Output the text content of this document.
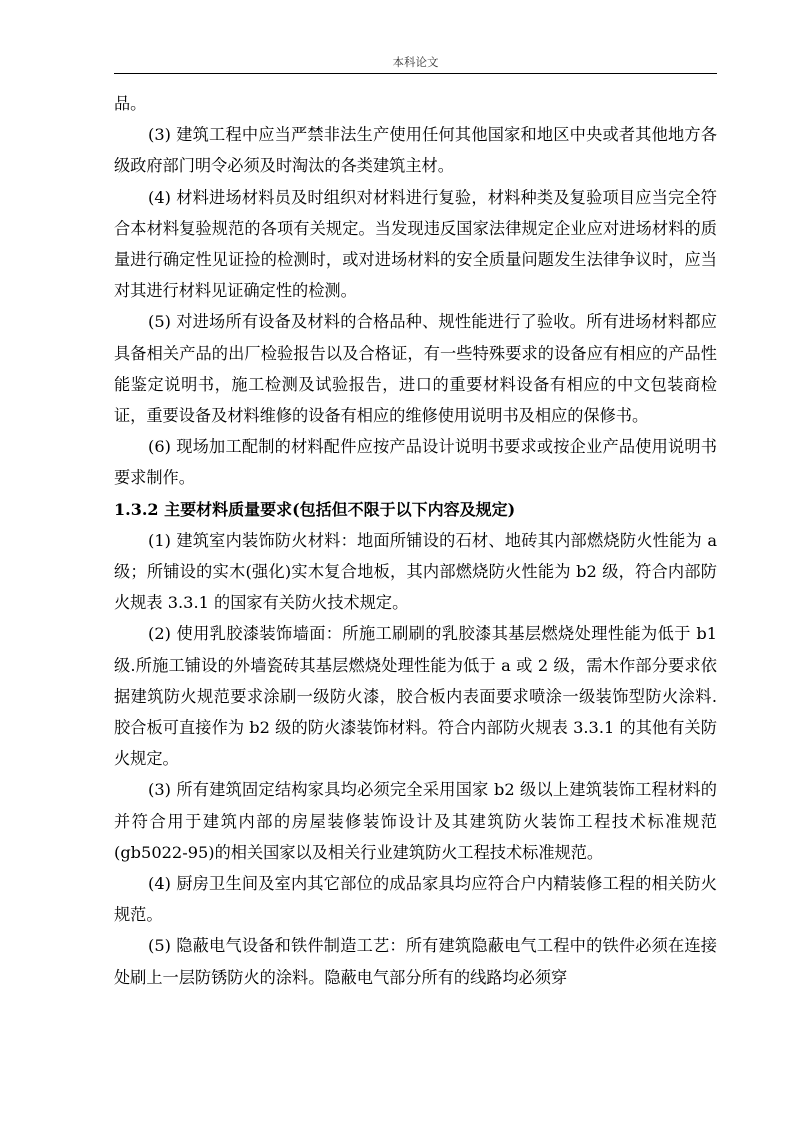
本科论文

品。

(3) 建筑工程中应当严禁非法生产使用任何其他国家和地区中央或者其他地方各级政府部门明令必须及时淘汰的各类建筑主材。

(4) 材料进场材料员及时组织对材料进行复验，材料种类及复验项目应当完全符合本材料复验规范的各项有关规定。当发现违反国家法律规定企业应对进场材料的质量进行确定性见证捡的检测时，或对进场材料的安全质量问题发生法律争议时，应当对其进行材料见证确定性的检测。

(5) 对进场所有设备及材料的合格品种、规性能进行了验收。所有进场材料都应具备相关产品的出厂检验报告以及合格证，有一些特殊要求的设备应有相应的产品性能鉴定说明书，施工检测及试验报告，进口的重要材料设备有相应的中文包装商检证，重要设备及材料维修的设备有相应的维修使用说明书及相应的保修书。

(6) 现场加工配制的材料配件应按产品设计说明书要求或按企业产品使用说明书要求制作。

1.3.2 主要材料质量要求(包括但不限于以下内容及规定)

(1) 建筑室内装饰防火材料：地面所铺设的石材、地砖其内部燃烧防火性能为 a 级；所铺设的实木(强化)实木复合地板，其内部燃烧防火性能为 b2 级，符合内部防火规表 3.3.1 的国家有关防火技术规定。

(2) 使用乳胶漆装饰墙面：所施工刷刷的乳胶漆其基层燃烧处理性能为低于 b1 级.所施工铺设的外墙瓷砖其基层燃烧处理性能为低于 a 或 2 级，需木作部分要求依据建筑防火规范要求涂刷一级防火漆，胶合板内表面要求喷涂一级装饰型防火涂料.胶合板可直接作为 b2 级的防火漆装饰材料。符合内部防火规表 3.3.1 的其他有关防火规定。

(3) 所有建筑固定结构家具均必须完全采用国家 b2 级以上建筑装饰工程材料的并符合用于建筑内部的房屋装修装饰设计及其建筑防火装饰工程技术标准规范(gb5022-95)的相关国家以及相关行业建筑防火工程技术标准规范。

(4) 厨房卫生间及室内其它部位的成品家具均应符合户内精装修工程的相关防火规范。

(5) 隐蔽电气设备和铁件制造工艺：所有建筑隐蔽电气工程中的铁件必须在连接处刷上一层防锈防火的涂料。隐蔽电气部分所有的线路均必须穿
